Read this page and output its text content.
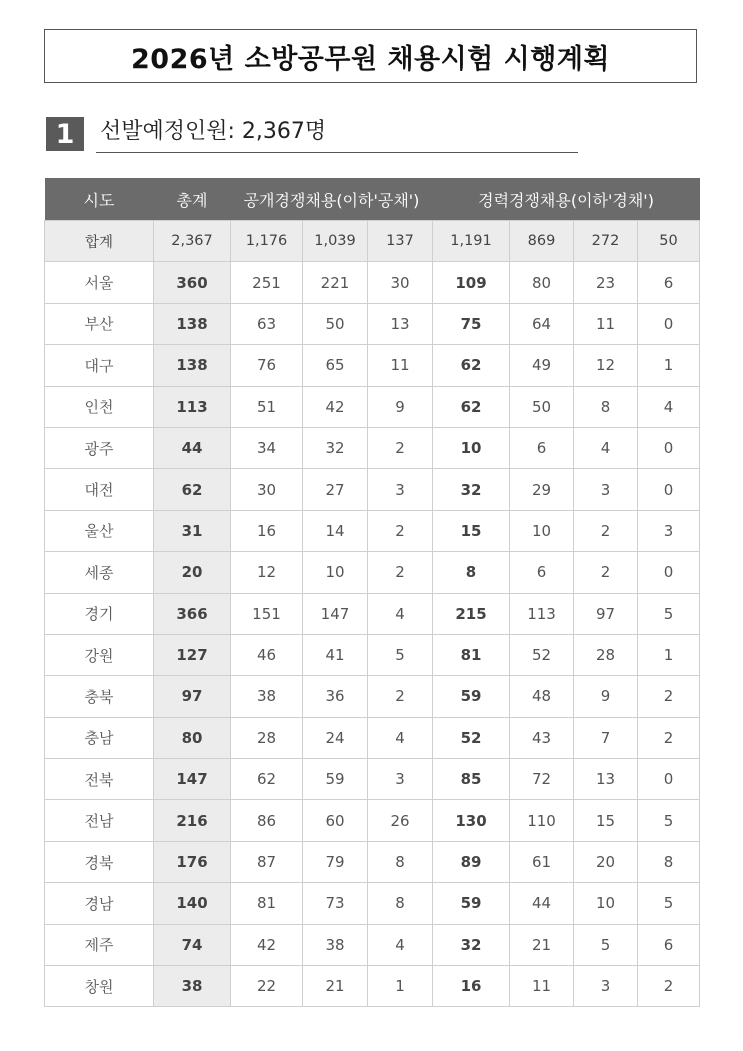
2026년 소방공무원 채용시험 시행계획
1	선발예정인원: 2,367명
시도	총계	공개경쟁채용(이하'공채')			경력경쟁채용(이하'경채')			
합계	2,367	1,176	1,039	137	1,191	869	272	50
서울	360	251	221	30	109	80	23	6
부산	138	63	50	13	75	64	11	0
대구	138	76	65	11	62	49	12	1
인천	113	51	42	9	62	50	8	4
광주	44	34	32	2	10	6	4	0
대전	62	30	27	3	32	29	3	0
울산	31	16	14	2	15	10	2	3
세종	20	12	10	2	8	6	2	0
경기	366	151	147	4	215	113	97	5
강원	127	46	41	5	81	52	28	1
충북	97	38	36	2	59	48	9	2
충남	80	28	24	4	52	43	7	2
전북	147	62	59	3	85	72	13	0
전남	216	86	60	26	130	110	15	5
경북	176	87	79	8	89	61	20	8
경남	140	81	73	8	59	44	10	5
제주	74	42	38	4	32	21	5	6
창원	38	22	21	1	16	11	3	2
